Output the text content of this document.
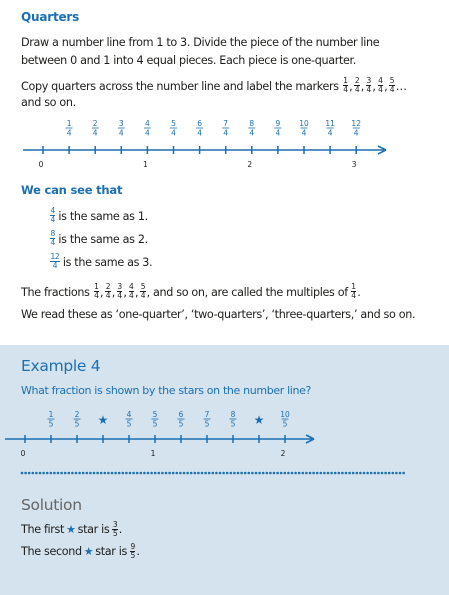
Quarters
Draw a number line from 1 to 3. Divide the piece of the number line
between 0 and 1 into 4 equal pieces. Each piece is one-quarter.
Copy quarters across the number line and label the markers $\frac{1}{4}$ , $\frac{2}{4}$ , $\frac{3}{4}$ , $\frac{4}{4}$ , $\frac{5}{4}$ …
and so on.
0
1
4
2
4
3
4
4
4
1
5
4
6
4
7
4
8
4
2
9
4
10
4
11
4
12
4
3
We can see that
$\frac{4}{4}$ is the same as 1.
$\frac{8}{4}$ is the same as 2.
$\frac{12}{4}$ is the same as 3.
The fractions $\frac{1}{4}$ , $\frac{2}{4}$ , $\frac{3}{4}$ , $\frac{4}{4}$ , $\frac{5}{4}$ , and so on, are called the multiples of $\frac{1}{4}$ .
We read these as ‘one-quarter’, ‘two-quarters’, ‘three-quarters,’ and so on.
Example 4
What fraction is shown by the stars on the number line?
0
1
5
2
5 ★ 4
5
5
5
1
6
5
7
5
8
5 ★ 10
5
2
Solution
The first ★ star is $\frac{3}{5}$ .
The second ★ star is $\frac{9}{5}$ .
